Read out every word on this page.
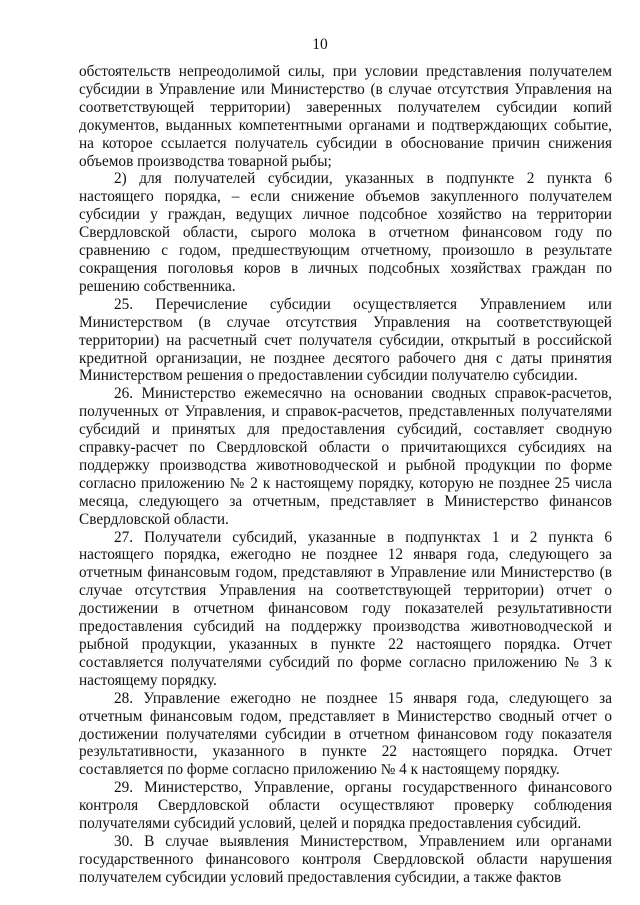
10

обстоятельств непреодолимой силы, при условии представления получателем субсидии в Управление или Министерство (в случае отсутствия Управления на соответствующей территории) заверенных получателем субсидии копий документов, выданных компетентными органами и подтверждающих событие, на которое ссылается получатель субсидии в обоснование причин снижения объемов производства товарной рыбы;

2) для получателей субсидии, указанных в подпункте 2 пункта 6 настоящего порядка, – если снижение объемов закупленного получателем субсидии у граждан, ведущих личное подсобное хозяйство на территории Свердловской области, сырого молока в отчетном финансовом году по сравнению с годом, предшествующим отчетному, произошло в результате сокращения поголовья коров в личных подсобных хозяйствах граждан по решению собственника.

25. Перечисление субсидии осуществляется Управлением или Министерством (в случае отсутствия Управления на соответствующей территории) на расчетный счет получателя субсидии, открытый в российской кредитной организации, не позднее десятого рабочего дня с даты принятия Министерством решения о предоставлении субсидии получателю субсидии.

26. Министерство ежемесячно на основании сводных справок-расчетов, полученных от Управления, и справок-расчетов, представленных получателями субсидий и принятых для предоставления субсидий, составляет сводную справку-расчет по Свердловской области о причитающихся субсидиях на поддержку производства животноводческой и рыбной продукции по форме согласно приложению № 2 к настоящему порядку, которую не позднее 25 числа месяца, следующего за отчетным, представляет в Министерство финансов Свердловской области.

27. Получатели субсидий, указанные в подпунктах 1 и 2 пункта 6 настоящего порядка, ежегодно не позднее 12 января года, следующего за отчетным финансовым годом, представляют в Управление или Министерство (в случае отсутствия Управления на соответствующей территории) отчет о достижении в отчетном финансовом году показателей результативности предоставления субсидий на поддержку производства животноводческой и рыбной продукции, указанных в пункте 22 настоящего порядка. Отчет составляется получателями субсидий по форме согласно приложению № 3 к настоящему порядку.

28. Управление ежегодно не позднее 15 января года, следующего за отчетным финансовым годом, представляет в Министерство сводный отчет о достижении получателями субсидии в отчетном финансовом году показателя результативности, указанного в пункте 22 настоящего порядка. Отчет составляется по форме согласно приложению № 4 к настоящему порядку.

29. Министерство, Управление, органы государственного финансового контроля Свердловской области осуществляют проверку соблюдения получателями субсидий условий, целей и порядка предоставления субсидий.

30. В случае выявления Министерством, Управлением или органами государственного финансового контроля Свердловской области нарушения получателем субсидии условий предоставления субсидии, а также фактов
